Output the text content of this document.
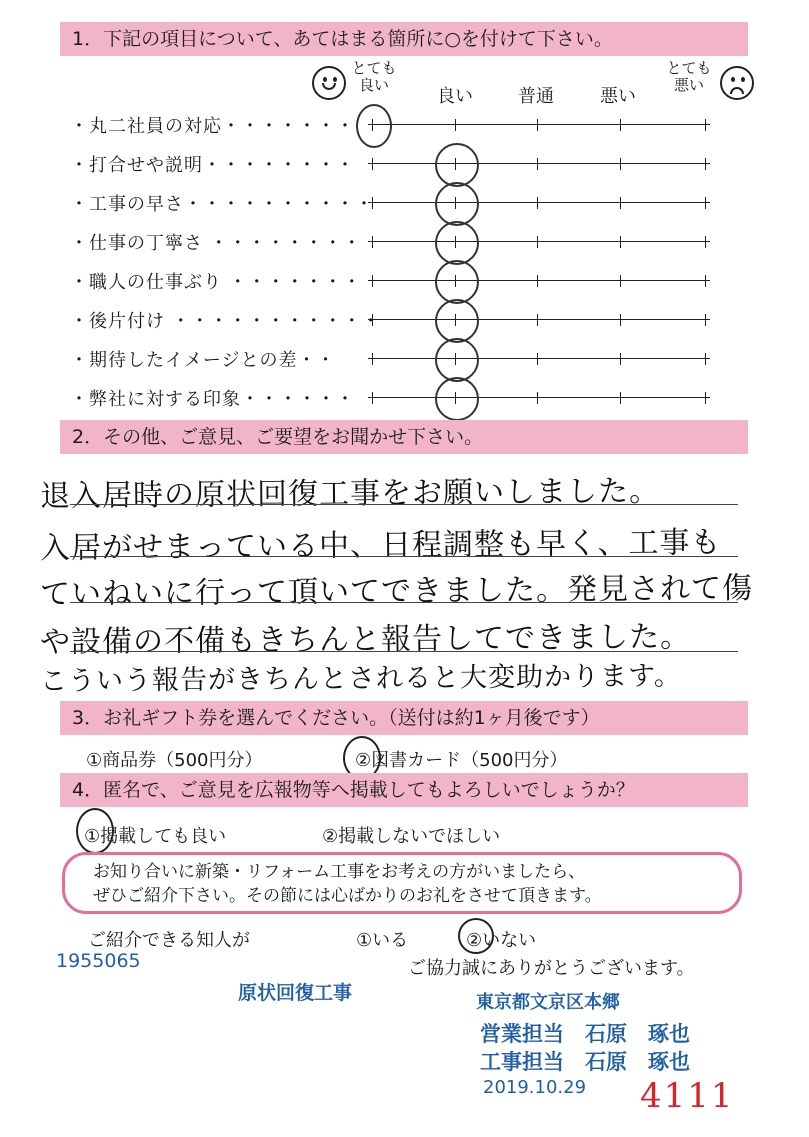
1．下記の項目について、あてはまる箇所に○を付けて下さい。
とても
良い
良い	普通	悪い
とても
悪い
・丸二社員の対応・・・・・・・
・打合せや説明・・・・・・・・
・工事の早さ・・・・・・・・・・
・仕事の丁寧さ ・・・・・・・・
・職人の仕事ぶり ・・・・・・・
・後片付け ・・・・・・・・・・・
・期待したイメージとの差・・
・弊社に対する印象・・・・・・
2．その他、ご意見、ご要望をお聞かせ下さい。
退入居時の原状回復工事をお願いしました。
入居がせまっている中、日程調整も早く、工事も
ていねいに行って頂いてできました。発見されて傷
や設備の不備もきちんと報告してできました。
こういう報告がきちんとされると大変助かります。
3．お礼ギフト券を選んでください。（送付は約1ヶ月後です）
①商品券（500円分）	②図書カード（500円分）
4．匿名で、ご意見を広報物等へ掲載してもよろしいでしょうか？
①掲載しても良い	②掲載しないでほしい
お知り合いに新築・リフォーム工事をお考えの方がいましたら、
ぜひご紹介下さい。その節には心ばかりのお礼をさせて頂きます。
ご紹介できる知人が	①いる	②いない
1955065	ご協力誠にありがとうございます。
原状回復工事	東京都文京区本郷
営業担当　石原　琢也
工事担当　石原　琢也
2019.10.29 4111
